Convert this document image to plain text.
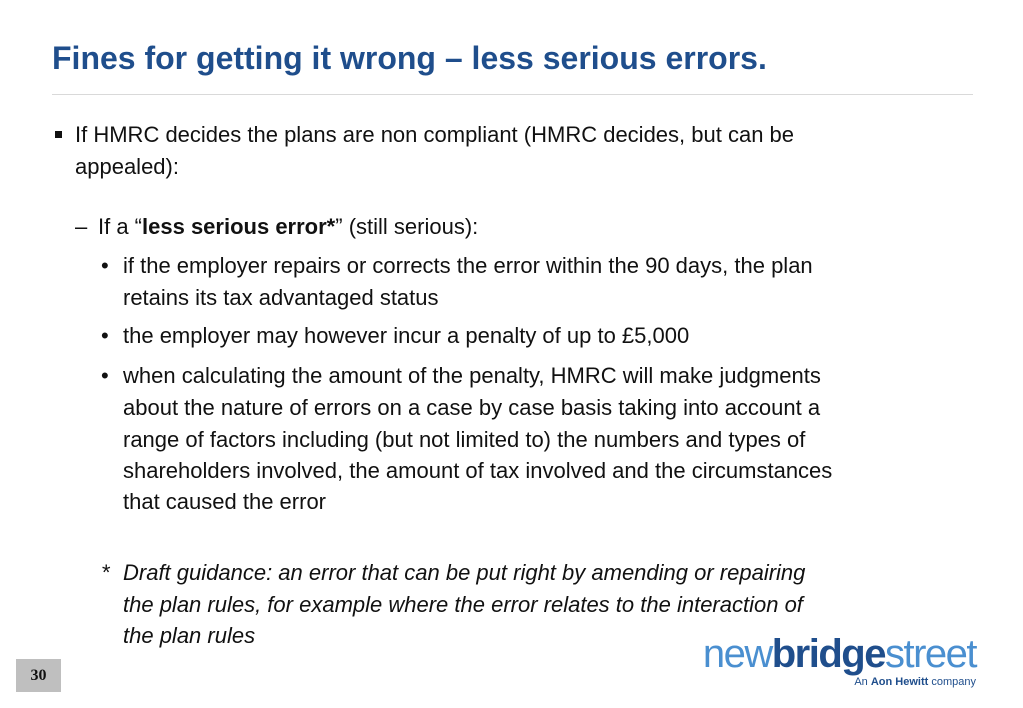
Fines for getting it wrong – less serious errors.
If HMRC decides the plans are non compliant (HMRC decides, but can be
appealed):
– If a “less serious error*” (still serious):
• if the employer repairs or corrects the error within the 90 days, the plan
retains its tax advantaged status
• the employer may however incur a penalty of up to £5,000
• when calculating the amount of the penalty, HMRC will make judgments
about the nature of errors on a case by case basis taking into account a
range of factors including (but not limited to) the numbers and types of
shareholders involved, the amount of tax involved and the circumstances
that caused the error
* Draft guidance: an error that can be put right by amending or repairing
the plan rules, for example where the error relates to the interaction of
the plan rules
30	newbridgestreet
An Aon Hewitt company
